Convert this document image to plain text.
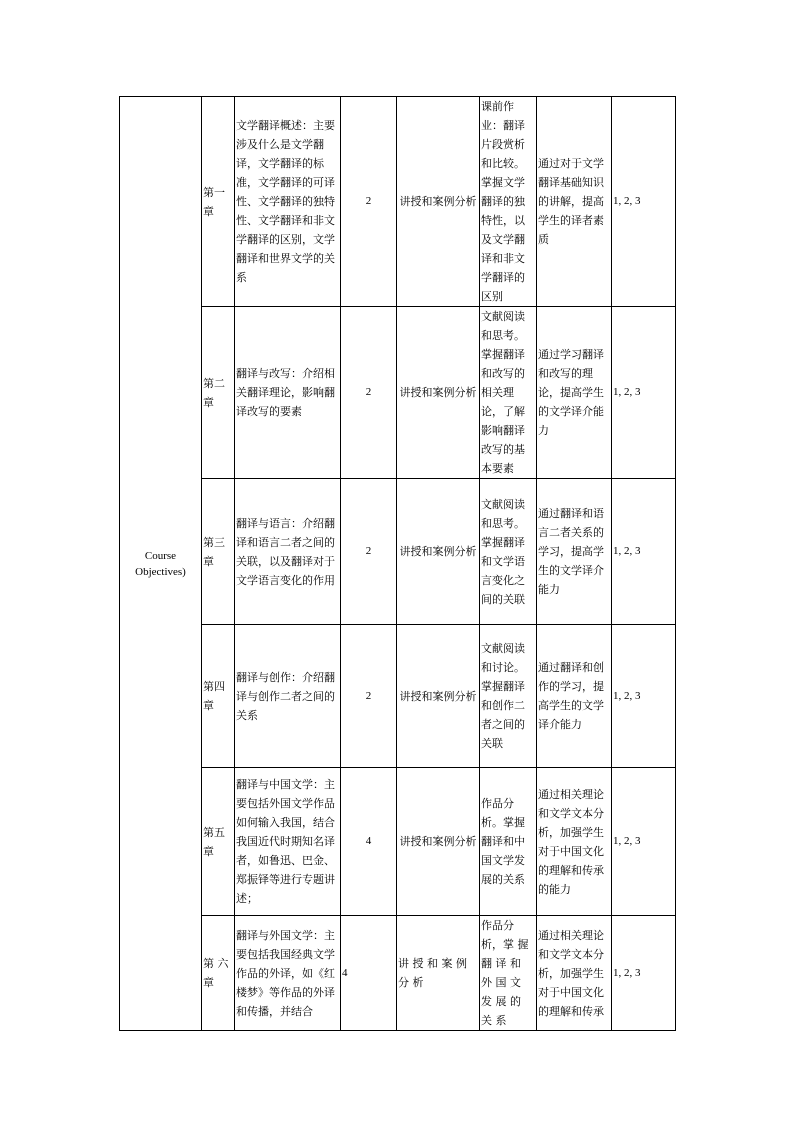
Course Objectives)	第一章	文学翻译概述：主要涉及什么是文学翻译，文学翻译的标准，文学翻译的可译性、文学翻译的独特性、文学翻译和非文学翻译的区别，文学翻译和世界文学的关系	2	讲授和案例分析	课前作业：翻译片段赏析和比较。掌握文学翻译的独特性，以及文学翻译和非文学翻译的区别	通过对于文学翻译基础知识的讲解，提高学生的译者素质	1, 2, 3
	第二章	翻译与改写：介绍相关翻译理论，影响翻译改写的要素	2	讲授和案例分析	文献阅读和思考。掌握翻译和改写的相关理论，了解影响翻译改写的基本要素	通过学习翻译和改写的理论，提高学生的文学译介能力	1, 2, 3
	第三章	翻译与语言：介绍翻译和语言二者之间的关联，以及翻译对于文学语言变化的作用	2	讲授和案例分析	文献阅读和思考。掌握翻译和文学语言变化之间的关联	通过翻译和语言二者关系的学习，提高学生的文学译介能力	1, 2, 3
	第四章	翻译与创作：介绍翻译与创作二者之间的关系	2	讲授和案例分析	文献阅读和讨论。掌握翻译和创作二者之间的关联	通过翻译和创作的学习，提高学生的文学译介能力	1, 2, 3
	第五章	翻译与中国文学：主要包括外国文学作品如何输入我国，结合我国近代时期知名译者，如鲁迅、巴金、郑振铎等进行专题讲述；	4	讲授和案例分析	作品分析。掌握翻译和中国文学发展的关系	通过相关理论和文学文本分析，加强学生对于中国文化的理解和传承的能力	1, 2, 3
	第 六章	翻译与外国文学：主要包括我国经典文学作品的外译，如《红楼梦》等作品的外译和传播，并结合	4	讲 授 和 案 例 分 析	作品分析，掌 握 翻 译 和 外 国 文 发 展 的 关 系	通过相关理论和文学文本分析，加强学生对于中国文化的理解和传承	1, 2, 3
